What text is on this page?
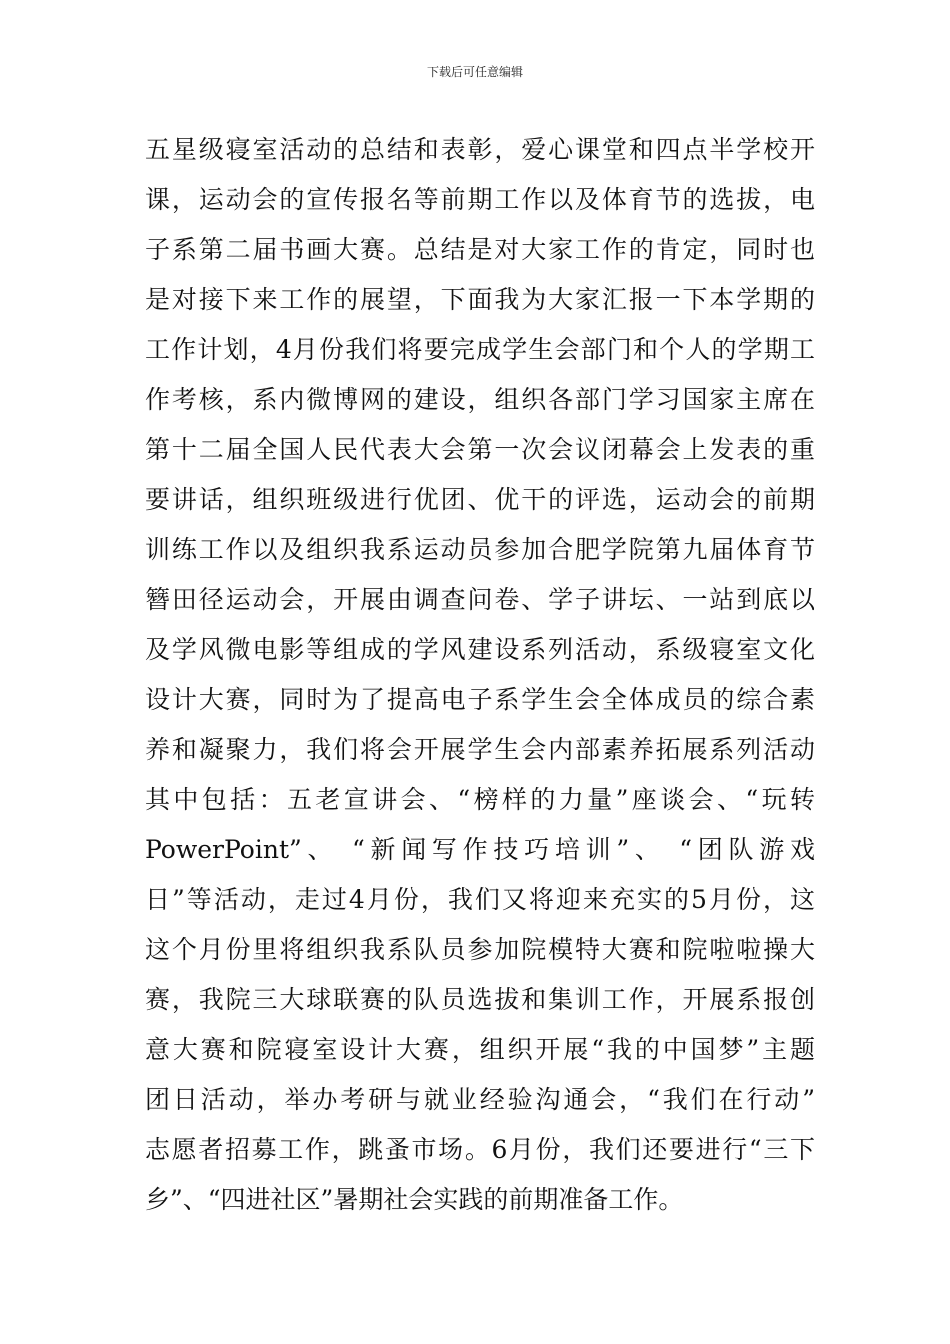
下载后可任意编辑
五星级寝室活动的总结和表彰，爱心课堂和四点半学校开
课，运动会的宣传报名等前期工作以及体育节的选拔，电
子系第二届书画大赛。总结是对大家工作的肯定，同时也
是对接下来工作的展望，下面我为大家汇报一下本学期的
工作计划，4月份我们将要完成学生会部门和个人的学期工
作考核，系内微博网的建设，组织各部门学习国家主席在
第十二届全国人民代表大会第一次会议闭幕会上发表的重
要讲话，组织班级进行优团、优干的评选，运动会的前期
训练工作以及组织我系运动员参加合肥学院第九届体育节
簪田径运动会，开展由调查问卷、学子讲坛、一站到底以
及学风微电影等组成的学风建设系列活动，系级寝室文化
设计大赛，同时为了提高电子系学生会全体成员的综合素
养和凝聚力，我们将会开展学生会内部素养拓展系列活动
其中包括：五老宣讲会、“榜样的力量”座谈会、“玩转
PowerPoint”、 “新闻写作技巧培训”、 “团队游戏
日”等活动，走过4月份，我们又将迎来充实的5月份，这
这个月份里将组织我系队员参加院模特大赛和院啦啦操大
赛，我院三大球联赛的队员选拔和集训工作，开展系报创
意大赛和院寝室设计大赛，组织开展“我的中国梦”主题
团日活动，举办考研与就业经验沟通会，“我们在行动”
志愿者招募工作，跳蚤市场。6月份，我们还要进行“三下
乡”、“四进社区”暑期社会实践的前期准备工作。
